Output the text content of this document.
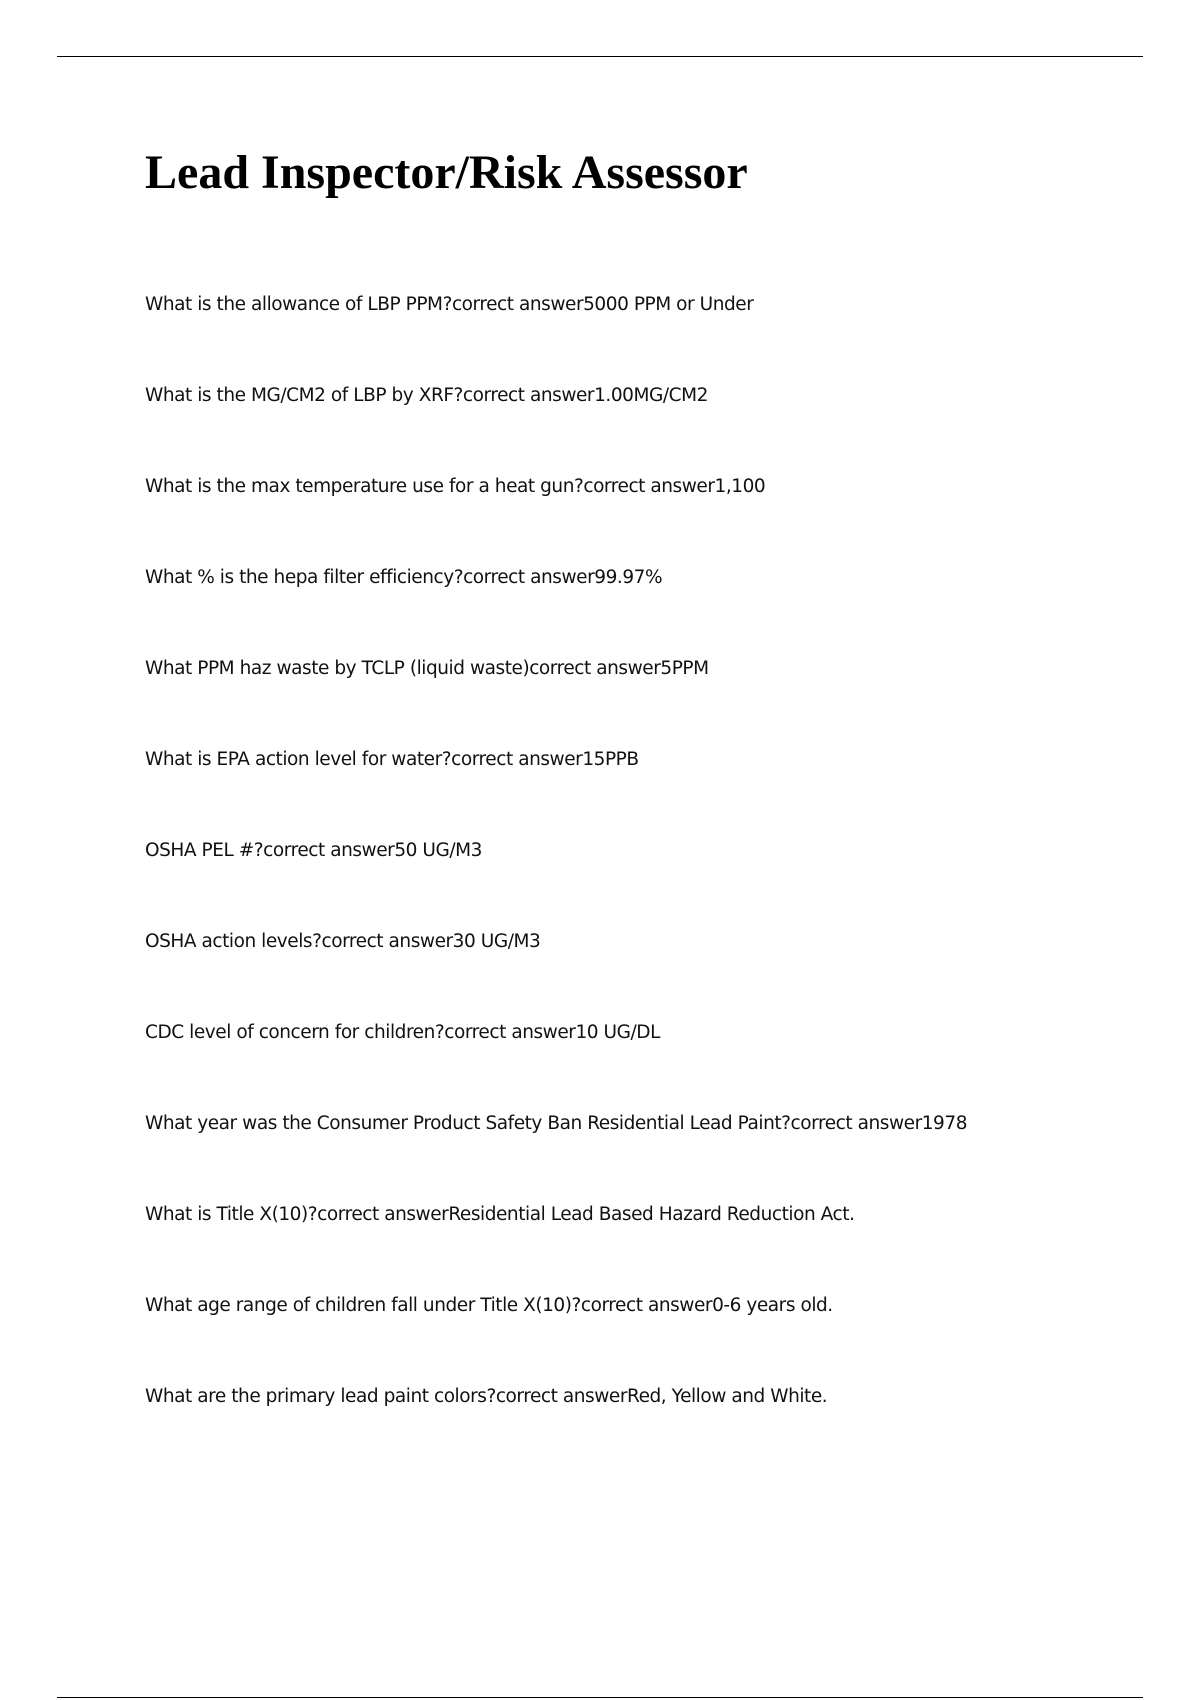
Lead Inspector/Risk Assessor
What is the allowance of LBP PPM?correct answer5000 PPM or Under
What is the MG/CM2 of LBP by XRF?correct answer1.00MG/CM2
What is the max temperature use for a heat gun?correct answer1,100
What % is the hepa filter efficiency?correct answer99.97%
What PPM haz waste by TCLP (liquid waste)correct answer5PPM
What is EPA action level for water?correct answer15PPB
OSHA PEL #?correct answer50 UG/M3
OSHA action levels?correct answer30 UG/M3
CDC level of concern for children?correct answer10 UG/DL
What year was the Consumer Product Safety Ban Residential Lead Paint?correct answer1978
What is Title X(10)?correct answerResidential Lead Based Hazard Reduction Act.
What age range of children fall under Title X(10)?correct answer0-6 years old.
What are the primary lead paint colors?correct answerRed, Yellow and White.
